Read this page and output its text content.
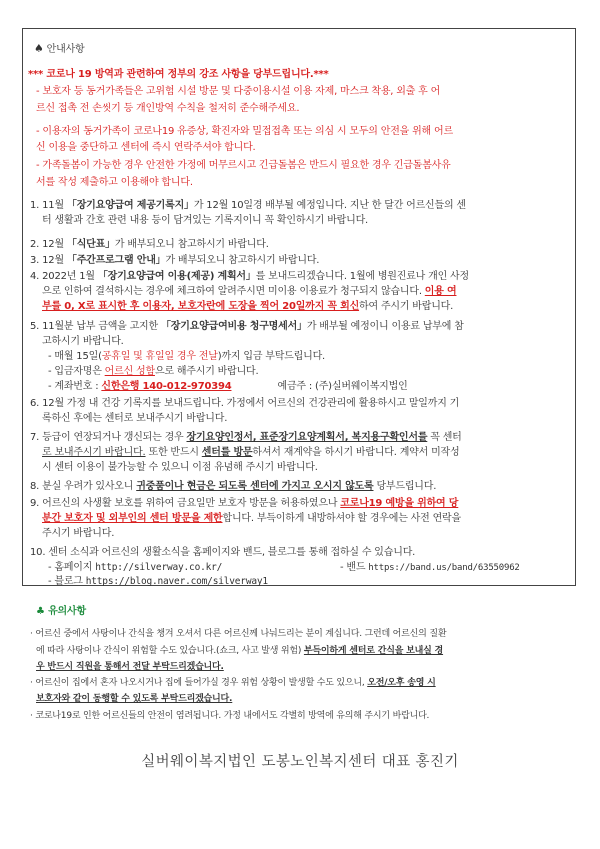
♠ 안내사항
*** 코로나 19 방역과 관련하여 정부의 강조 사항을 당부드립니다.***
- 보호자 등 동거가족들은 고위험 시설 방문 및 다중이용시설 이용 자제, 마스크 착용, 외출 후 어
르신 접촉 전 손씻기 등 개인방역 수칙을 철저히 준수해주세요.
- 이용자의 동거가족이 코로나19 유증상, 확진자와 밀접접촉 또는 의심 시 모두의 안전을 위해 어르
신 이용을 중단하고 센터에 즉시 연락주셔야 합니다.
- 가족돌봄이 가능한 경우 안전한 가정에 머무르시고 긴급돌봄은 반드시 필요한 경우 긴급돌봄사유
서를 작성 제출하고 이용해야 합니다.
1. 11월 「장기요양급여 제공기록지」가 12월 10일경 배부될 예정입니다. 지난 한 달간 어르신들의 센
터 생활과 간호 관련 내용 등이 담겨있는 기록지이니 꼭 확인하시기 바랍니다.
2. 12월 「식단표」가 배부되오니 참고하시기 바랍니다.
3. 12월 「주간프로그램 안내」가 배부되오니 참고하시기 바랍니다.
4. 2022년 1월 「장기요양급여 이용(제공) 계획서」를 보내드리겠습니다. 1월에 병원진료나 개인 사정
으로 인하여 결석하시는 경우에 체크하여 알려주시면 미이용 이용료가 청구되지 않습니다. 이용 여
부를 0, X로 표시한 후 이용자, 보호자란에 도장을 찍어 20일까지 꼭 회신하여 주시기 바랍니다.
5. 11월분 납부 금액을 고지한 「장기요양급여비용 청구명세서」가 배부될 예정이니 이용료 납부에 참
고하시기 바랍니다.
- 매월 15일(공휴일 및 휴일일 경우 전날)까지 입금 부탁드립니다.
- 입금자명은 어르신 성함으로 해주시기 바랍니다.
- 계좌번호 : 신한은행 140-012-970394	예금주 : (주)실버웨이복지법인
6. 12월 가정 내 건강 기록지를 보내드립니다. 가정에서 어르신의 건강관리에 활용하시고 말일까지 기
록하신 후에는 센터로 보내주시기 바랍니다.
7. 등급이 연장되거나 갱신되는 경우 장기요양인정서, 표준장기요양계획서, 복지용구확인서를 꼭 센터
로 보내주시기 바랍니다. 또한 반드시 센터를 방문하셔서 재계약을 하시기 바랍니다. 계약서 미작성
시 센터 이용이 불가능할 수 있으니 이점 유념해 주시기 바랍니다.
8. 분실 우려가 있사오니 귀중품이나 현금은 되도록 센터에 가지고 오시지 않도록 당부드립니다.
9. 어르신의 사생활 보호를 위하여 금요일만 보호자 방문을 허용하였으나 코로나19 예방을 위하여 당
분간 보호자 및 외부인의 센터 방문을 제한합니다. 부득이하게 내방하셔야 할 경우에는 사전 연락을
주시기 바랍니다.
10. 센터 소식과 어르신의 생활소식을 홈페이지와 밴드, 블로그를 통해 접하실 수 있습니다.
- 홈페이지 http://silverway.co.kr/	- 밴드 https://band.us/band/63550962
- 블로그 https://blog.naver.com/silverway1
♣ 유의사항
· 어르신 중에서 사탕이나 간식을 챙겨 오셔서 다른 어르신께 나눠드리는 분이 계십니다. 그런데 어르신의 질환
에 따라 사탕이나 간식이 위험할 수도 있습니다.(쇼크, 사고 발생 위험) 부득이하게 센터로 간식을 보내실 경
우 반드시 직원을 통해서 전달 부탁드리겠습니다.
· 어르신이 집에서 혼자 나오시거나 집에 들어가실 경우 위험 상황이 발생할 수도 있으니, 오전/오후 송영 시
보호자와 같이 동행할 수 있도록 부탁드리겠습니다.
· 코로나19로 인한 어르신들의 안전이 염려됩니다. 가정 내에서도 각별히 방역에 유의해 주시기 바랍니다.
실버웨이복지법인 도봉노인복지센터 대표 홍진기
